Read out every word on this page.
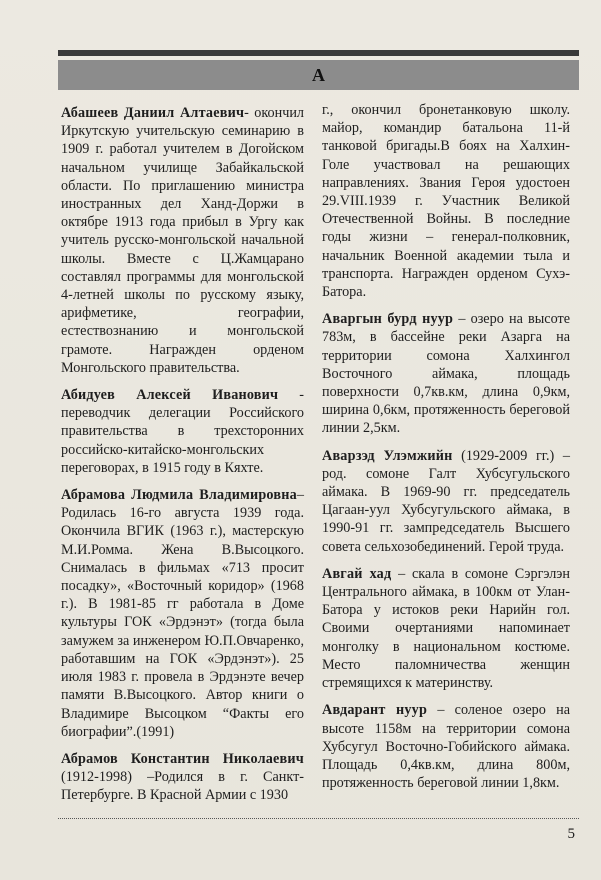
А

Абашеев Даниил Алтаевич- окончил Иркутскую учительскую семинарию в 1909 г. работал учителем в Догойском начальном училище Забайкальской области. По приглашению министра иностранных дел Ханд-Доржи в октябре 1913 года прибыл в Ургу как учитель русско-монгольской начальной школы. Вместе с Ц.Жамцарано составлял программы для монгольской 4-летней школы по русскому языку, арифметике, географии, естествознанию и монгольской грамоте. Награжден орденом Монгольского правительства.

Абидуев Алексей Иванович - переводчик делегации Российского правительства в трехсторонних российско-китайско-монгольских переговорах, в 1915 году в Кяхте.

Абрамова Людмила Владимировна– Родилась 16-го августа 1939 года. Окончила ВГИК (1963 г.), мастерскую М.И.Ромма. Жена В.Высоцкого. Снималась в фильмах «713 просит посадку», «Восточный коридор» (1968 г.). В 1981-85 гг работала в Доме культуры ГОК «Эрдэнэт» (тогда была замужем за инженером Ю.П.Овчаренко, работавшим на ГОК «Эрдэнэт»). 25 июля 1983 г. провела в Эрдэнэте вечер памяти В.Высоцкого. Автор книги о Владимире Высоцком “Факты его биографии”.(1991)

Абрамов Константин Николаевич (1912-1998) –Родился в г. Санкт-Петербурге. В Красной Армии с 1930

г., окончил бронетанковую школу. майор, командир батальона 11-й танковой бригады.В боях на Халхин-Голе участвовал на решающих направлениях. Звания Героя удостоен 29.VIII.1939 г. Участник Великой Отечественной Войны. В последние годы жизни – генерал-полковник, начальник Военной академии тыла и транспорта. Награжден орденом Сухэ-Батора.

Аваргын бурд нуур – озеро на высоте 783м, в бассейне реки Азарга на территории сомона Халхингол Восточного аймака, площадь поверхности 0,7кв.км, длина 0,9км, ширина 0,6км, протяженность береговой линии 2,5км.

Аварзэд Улэмжийн (1929-2009 гг.) – род. сомоне Галт Хубсугульского аймака. В 1969-90 гг. председатель Цагаан-уул Хубсугульского аймака, в 1990-91 гг. зампредседатель Высшего совета сельхозобединений. Герой труда.

Авгай хад – скала в сомоне Сэргэлэн Центрального аймака, в 100км от Улан-Батора у истоков реки Нарийн гол. Своими очертаниями напоминает монголку в национальном костюме. Место паломничества женщин стремящихся к материнству.

Авдарант нуур – соленое озеро на высоте 1158м на территории сомона Хубсугул Восточно-Гобийского аймака. Площадь 0,4кв.км, длина 800м, протяженность береговой линии 1,8км.

5
